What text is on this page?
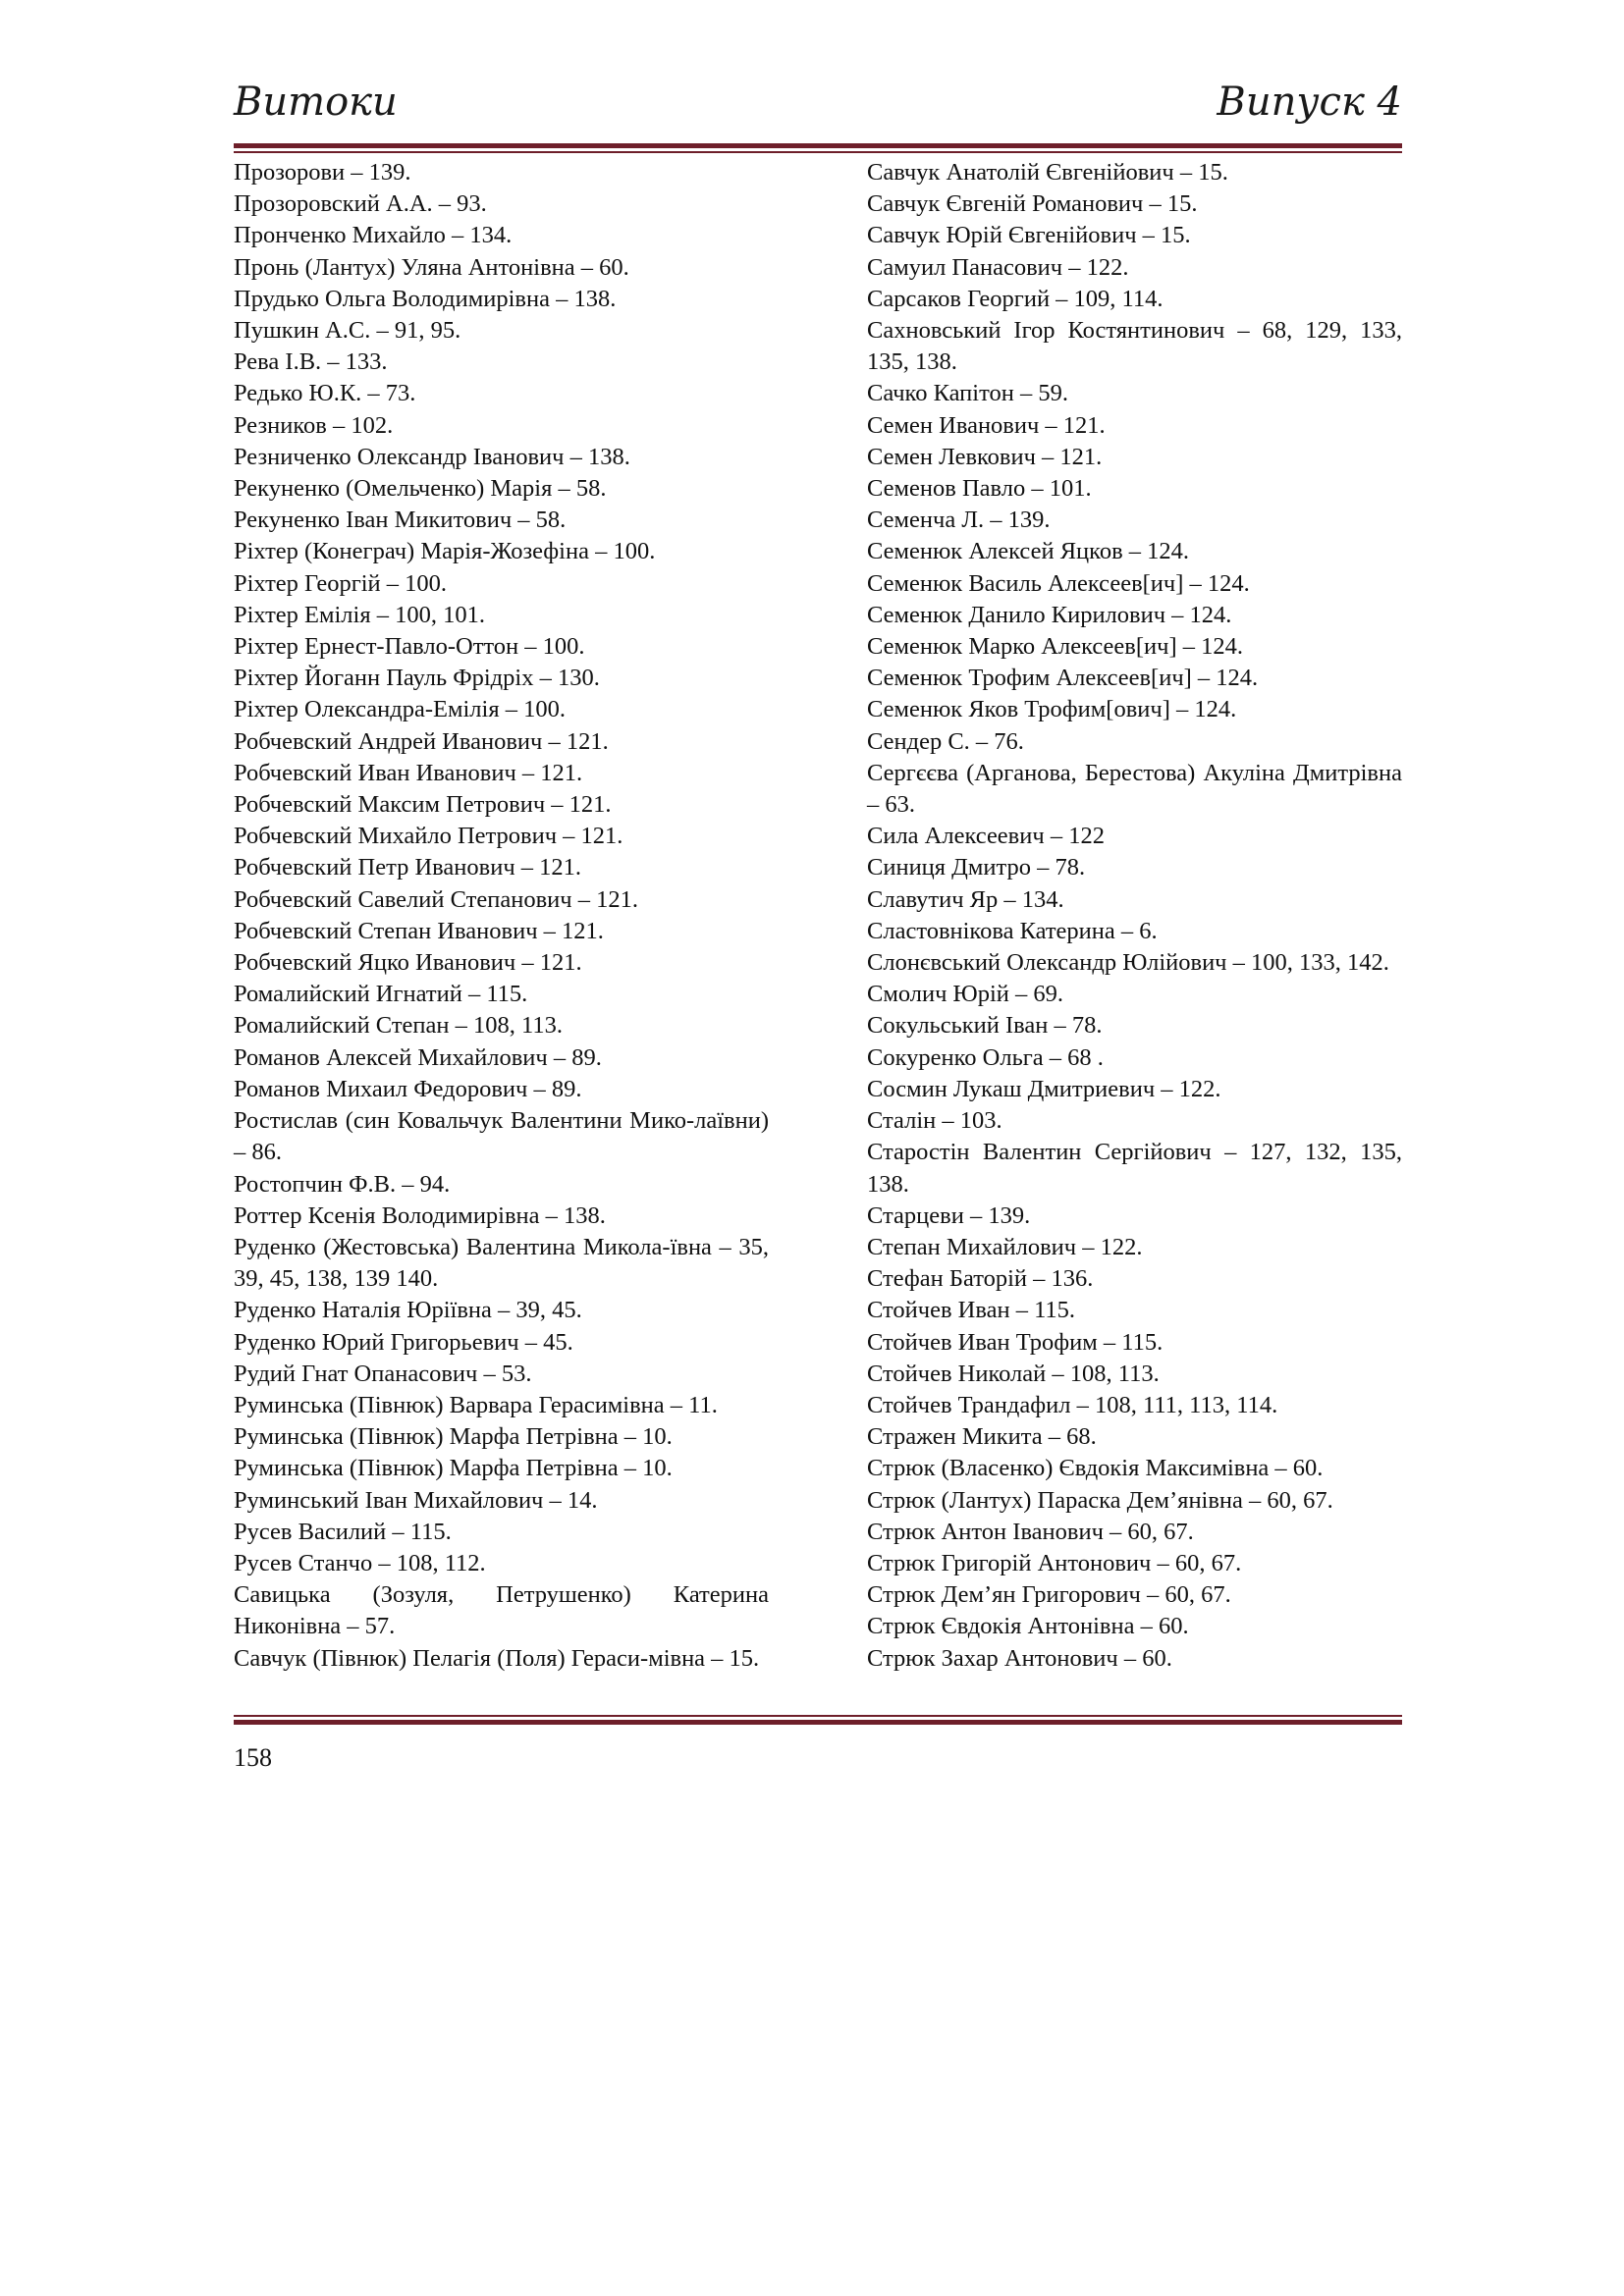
Витоки	Випуск 4
Прозорови – 139.
Прозоровский А.А. – 93.
Пронченко Михайло – 134.
Пронь (Лантух) Уляна Антонівна – 60.
Прудько Ольга Володимирівна – 138.
Пушкин А.С. – 91, 95.
Рева І.В. – 133.
Редько Ю.К. – 73.
Резников – 102.
Резниченко Олександр Іванович – 138.
Рекуненко (Омельченко) Марія – 58.
Рекуненко Іван Микитович – 58.
Ріхтер (Конеграч) Марія-Жозефіна – 100.
Ріхтер Георгій – 100.
Ріхтер Емілія – 100, 101.
Ріхтер Ернест-Павло-Оттон – 100.
Ріхтер Йоганн Пауль Фрідріх – 130.
Ріхтер Олександра-Емілія – 100.
Робчевский Андрей Иванович – 121.
Робчевский Иван Иванович – 121.
Робчевский Максим Петрович – 121.
Робчевский Михайло Петрович – 121.
Робчевский Петр Иванович – 121.
Робчевский Савелий Степанович – 121.
Робчевский Степан Иванович – 121.
Робчевский Яцко Иванович – 121.
Ромалийский Игнатий – 115.
Ромалийский Степан – 108, 113.
Романов Алексей Михайлович – 89.
Романов Михаил Федорович – 89.
Ростислав (син Ковальчук Валентини Мико-лаївни) – 86.
Ростопчин Ф.В. – 94.
Роттер Ксенія Володимирівна – 138.
Руденко (Жестовська) Валентина Микола-ївна – 35, 39, 45, 138, 139 140.
Руденко Наталія Юріївна – 39, 45.
Руденко Юрий Григорьевич – 45.
Рудий Гнат Опанасович – 53.
Руминська (Півнюк) Варвара Герасимівна – 11.
Руминська (Півнюк) Марфа Петрівна – 10.
Руминська (Півнюк) Марфа Петрівна – 10.
Руминський Іван Михайлович – 14.
Русев Василий – 115.
Русев Станчо – 108, 112.
Савицька (Зозуля, Петрушенко) Катерина Никонівна – 57.
Савчук (Півнюк) Пелагія (Поля) Гераси-мівна – 15.
Савчук Анатолій Євгенійович – 15.
Савчук Євгеній Романович – 15.
Савчук Юрій Євгенійович – 15.
Самуил Панасович – 122.
Сарсаков Георгий – 109, 114.
Сахновський Ігор Костянтинович – 68, 129, 133, 135, 138.
Сачко Капітон – 59.
Семен Иванович – 121.
Семен Левкович – 121.
Семенов Павло – 101.
Семенча Л. – 139.
Семенюк Алексей Яцков – 124.
Семенюк Василь Алексеев[ич] – 124.
Семенюк Данило Кирилович – 124.
Семенюк Марко Алексеев[ич] – 124.
Семенюк Трофим Алексеев[ич] – 124.
Семенюк Яков Трофим[ович] – 124.
Сендер С. – 76.
Сергєєва (Арганова, Берестова) Акуліна Дмитрівна – 63.
Сила Алексеевич – 122
Синиця Дмитро – 78.
Славутич Яр – 134.
Сластовнікова Катерина – 6.
Слонєвський Олександр Юлійович – 100, 133, 142.
Смолич Юрій – 69.
Сокульський Іван – 78.
Сокуренко Ольга – 68 .
Сосмин Лукаш Дмитриевич – 122.
Сталін – 103.
Старостін Валентин Сергійович – 127, 132, 135, 138.
Старцеви – 139.
Степан Михайлович – 122.
Стефан Баторій – 136.
Стойчев Иван – 115.
Стойчев Иван Трофим – 115.
Стойчев Николай – 108, 113.
Стойчев Трандафил – 108, 111, 113, 114.
Стражен Микита – 68.
Стрюк (Власенко) Євдокія Максимівна – 60.
Стрюк (Лантух) Параска Дем’янівна – 60, 67.
Стрюк Антон Іванович – 60, 67.
Стрюк Григорій Антонович – 60, 67.
Стрюк Дем’ян Григорович – 60, 67.
Стрюк Євдокія Антонівна – 60.
Стрюк Захар Антонович – 60.
158
